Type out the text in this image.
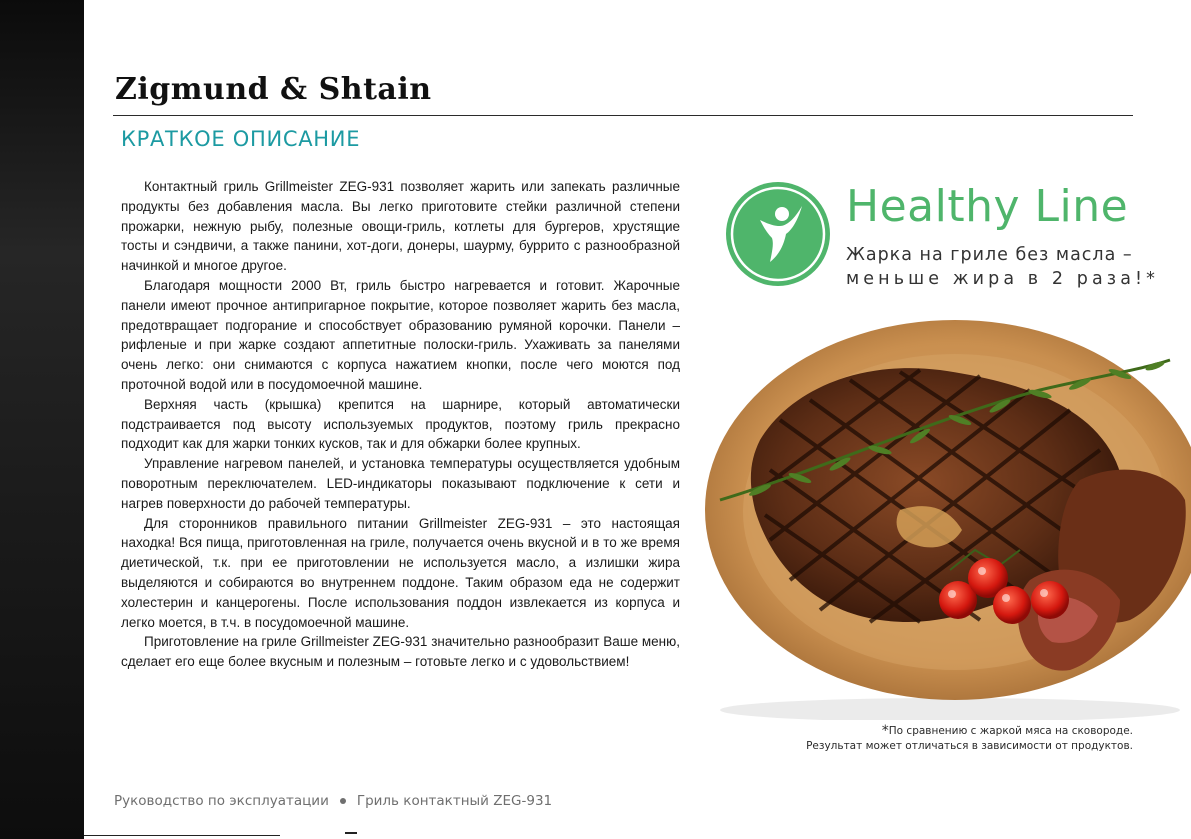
Zigmund & Shtain
КРАТКОЕ ОПИСАНИЕ

Контактный гриль Grillmeister ZEG-931 позволяет жарить или запекать различные продукты без добавления масла. Вы легко приготовите стейки различной степени прожарки, нежную рыбу, полезные овощи-гриль, котлеты для бургеров, хрустящие тосты и сэндвичи, а также панини, хот-доги, донеры, шаурму, буррито с разнообразной начинкой и многое другое.

Благодаря мощности 2000 Вт, гриль быстро нагревается и готовит. Жарочные панели имеют прочное антипригарное покрытие, которое позволяет жарить без масла, предотвращает подгорание и способствует образованию румяной корочки. Панели – рифленые и при жарке создают аппетитные полоски-гриль. Ухаживать за панелями очень легко: они снимаются с корпуса нажатием кнопки, после чего моются под проточной водой или в посудомоечной машине.

Верхняя часть (крышка) крепится на шарнире, который автоматически подстраивается под высоту используемых продуктов, поэтому гриль прекрасно подходит как для жарки тонких кусков, так и для обжарки более крупных.

Управление нагревом панелей, и установка температуры осуществляется удобным поворотным переключателем. LED-индикаторы показывают подключение к сети и нагрев поверхности до рабочей температуры.

Для сторонников правильного питании Grillmeister ZEG-931 – это настоящая находка! Вся пища, приготовленная на гриле, получается очень вкусной и в то же время диетической, т.к. при ее приготовлении не используется масло, а излишки жира выделяются и собираются во внутреннем поддоне. Таким образом еда не содержит холестерин и канцерогены. После использования поддон извлекается из корпуса и легко моется, в т.ч. в посудомоечной машине.

Приготовление на гриле Grillmeister ZEG-931 значительно разнообразит Ваше меню, сделает его еще более вкусным и полезным – готовьте легко и с удовольствием!

Healthy Line
Жарка на гриле без масла –
меньше жира в 2 раза!*
*По сравнению с жаркой мяса на сковороде.
Результат может отличаться в зависимости от продуктов.
Руководство по эксплуатации Гриль контактный ZEG-931
